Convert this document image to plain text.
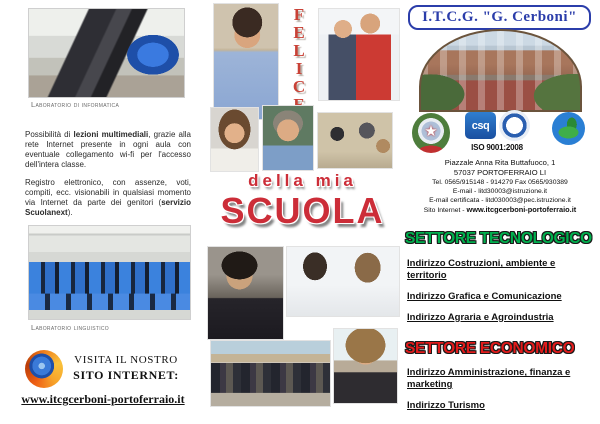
Laboratorio di informatica
Possibilità di lezioni multimediali, grazie alla rete Internet presente in ogni aula con eventuale collegamento wi-fi per l'accesso dell'intera classe.
Registro elettronico, con assenze, voti, compiti, ecc. visionabili in qualsiasi momento via Internet da parte dei genitori (servizio Scuolanext).
Laboratorio linguistico
VISITA IL NOSTRO
SITO INTERNET:
www.itcgcerboni-portoferraio.it
F
E
L
I
C
della mia
SCUOLA
I.T.C.G. "G. Cerboni"
★	csq
ISO 9001:2008
Piazzale Anna Rita Buttafuoco, 1
57037 PORTOFERRAIO LI
Tel. 0565/915148 - 914279 Fax 0565/930389
E-mail - litd30003@istruzione.it
E-mail certificata - litd030003@pec.istruzione.it
Sito Internet - www.itcgcerboni-portoferraio.it
SETTORE TECNOLOGICO
Indirizzo Costruzioni, ambiente e territorio
Indirizzo Grafica e Comunicazione
Indirizzo Agraria e Agroindustria
SETTORE ECONOMICO
Indirizzo Amministrazione, finanza e marketing
Indirizzo Turismo
